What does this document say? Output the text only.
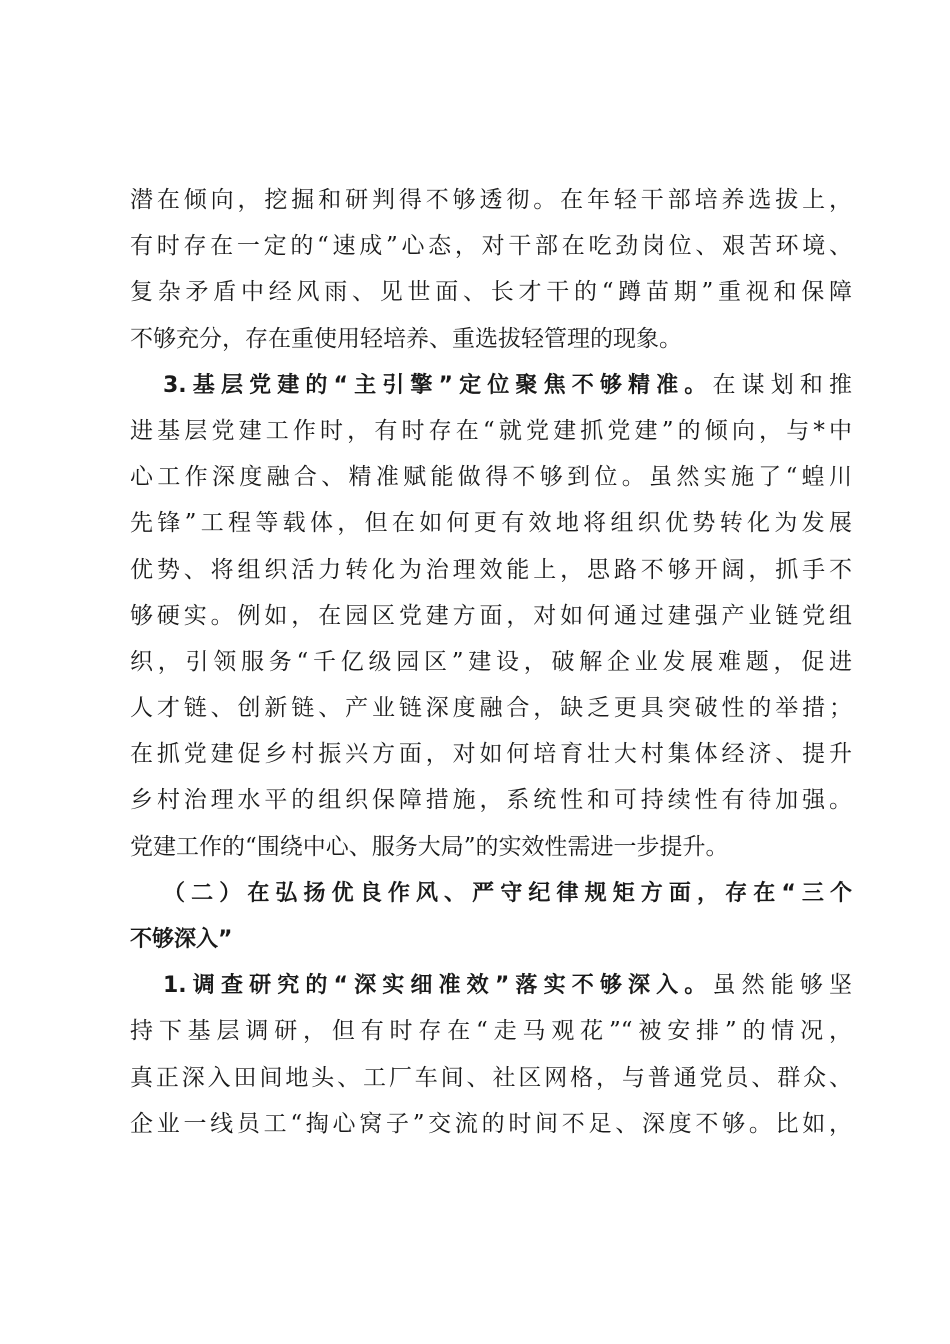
潜在倾向，挖掘和研判得不够透彻。在年轻干部培养选拔上，
有时存在一定的“速成”心态，对干部在吃劲岗位、艰苦环境、
复杂矛盾中经风雨、见世面、长才干的“蹲苗期”重视和保障
不够充分，存在重使用轻培养、重选拔轻管理的现象。
3.基层党建的“主引擎”定位聚焦不够精准。在谋划和推
进基层党建工作时，有时存在“就党建抓党建”的倾向，与*中
心工作深度融合、精准赋能做得不够到位。虽然实施了“蝗川
先锋”工程等载体，但在如何更有效地将组织优势转化为发展
优势、将组织活力转化为治理效能上，思路不够开阔，抓手不
够硬实。例如，在园区党建方面，对如何通过建强产业链党组
织，引领服务“千亿级园区”建设，破解企业发展难题，促进
人才链、创新链、产业链深度融合，缺乏更具突破性的举措；
在抓党建促乡村振兴方面，对如何培育壮大村集体经济、提升
乡村治理水平的组织保障措施，系统性和可持续性有待加强。
党建工作的“围绕中心、服务大局”的实效性需进一步提升。
（二）在弘扬优良作风、严守纪律规矩方面，存在“三个
不够深入”
1.调查研究的“深实细准效”落实不够深入。虽然能够坚
持下基层调研，但有时存在“走马观花”“被安排”的情况，
真正深入田间地头、工厂车间、社区网格，与普通党员、群众、
企业一线员工“掏心窝子”交流的时间不足、深度不够。比如，
